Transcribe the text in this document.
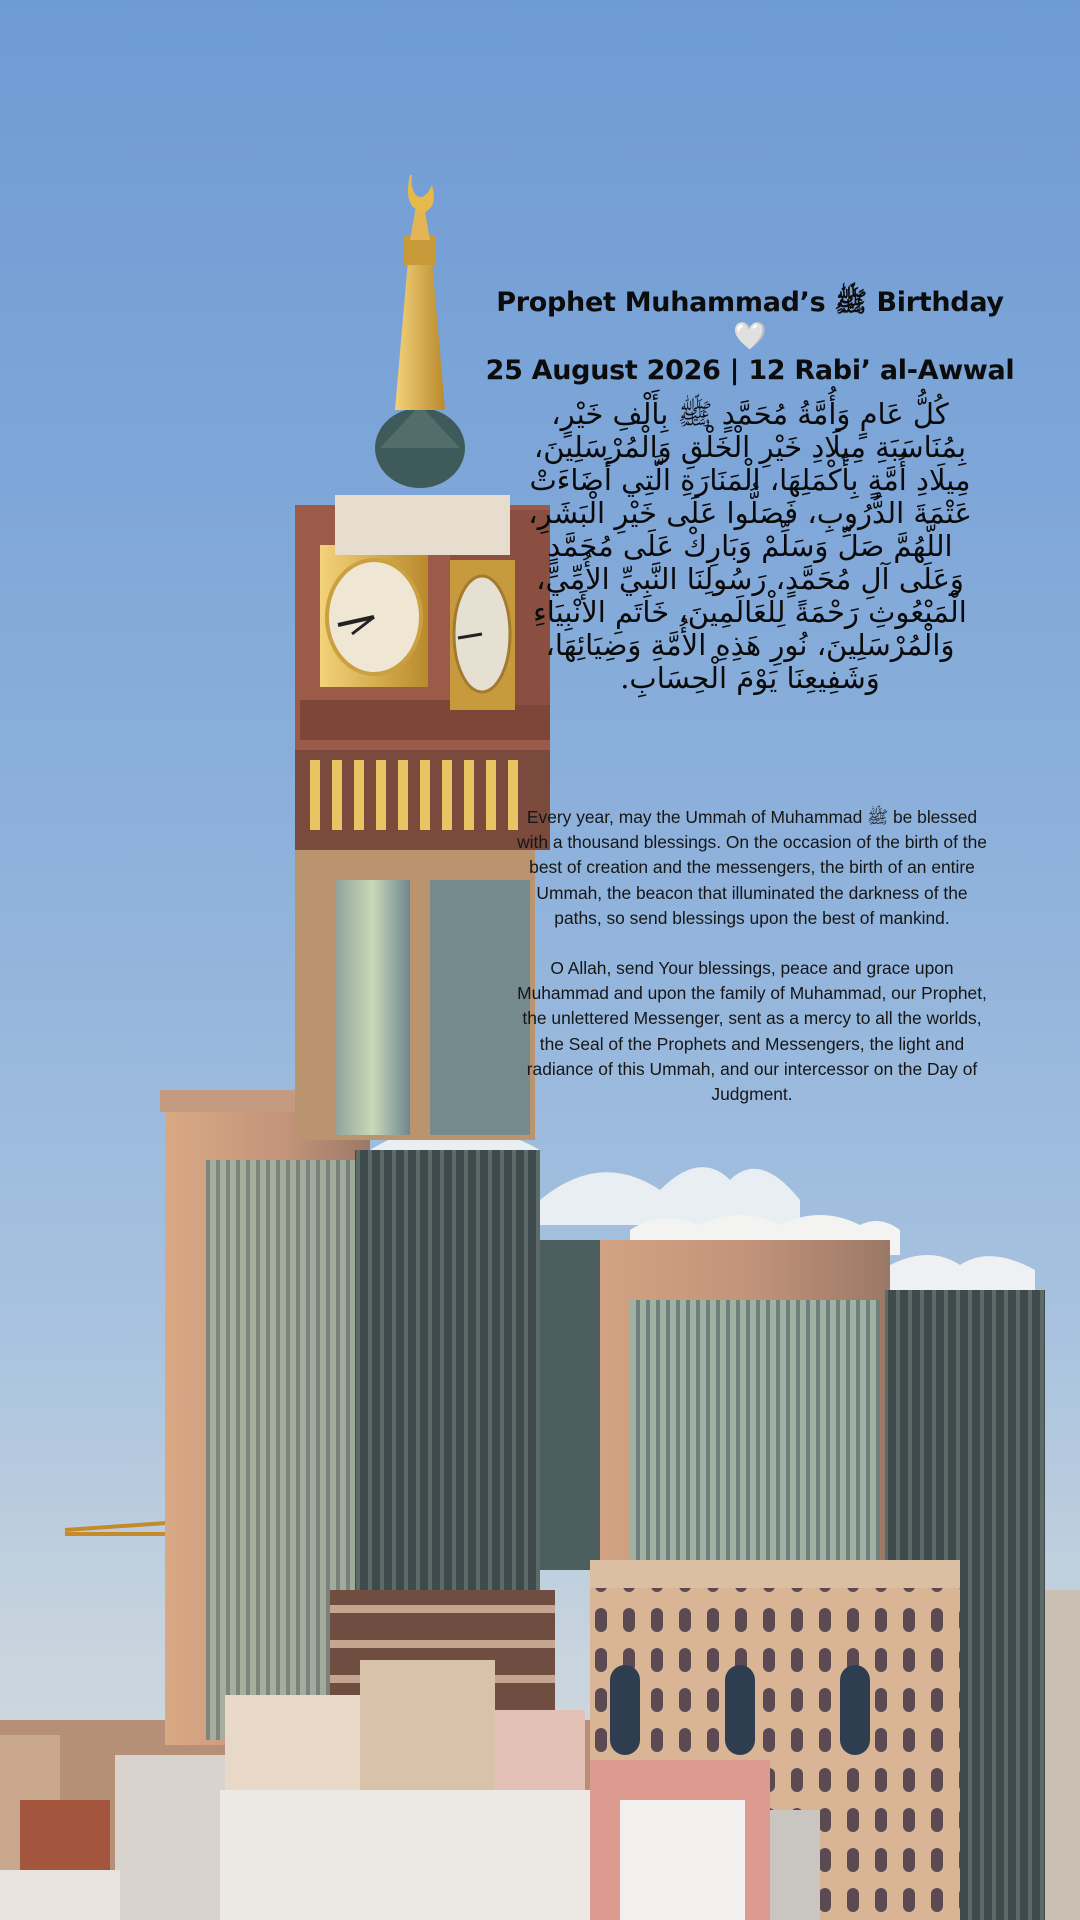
Prophet Muhammad’s ﷺ Birthday 🤍
25 August 2026 | 12 Rabi’ al-Awwal
كُلُّ عَامٍ وَأُمَّةُ مُحَمَّدٍ ﷺ بِأَلْفِ خَيْرٍ، بِمُنَاسَبَةِ مِيلَادِ خَيْرِ الْخَلْقِ وَالْمُرْسَلِينَ، مِيلَادِ أُمَّةٍ بِأَكْمَلِهَا، الْمَنَارَةِ الَّتِي أَضَاءَتْ عَتْمَةَ الدُّرُوبِ، فَصَلُّوا عَلَى خَيْرِ الْبَشَرِ، اللَّهُمَّ صَلِّ وَسَلِّمْ وَبَارِكْ عَلَى مُحَمَّدٍ وَعَلَى آلِ مُحَمَّدٍ، رَسُولِنَا النَّبِيِّ الأُمِّيِّ، الْمَبْعُوثِ رَحْمَةً لِلْعَالَمِينَ، خَاتَمِ الأَنْبِيَاءِ وَالْمُرْسَلِينَ، نُورِ هَذِهِ الأُمَّةِ وَضِيَائِهَا، وَشَفِيعِنَا يَوْمَ الْحِسَابِ.

Every year, may the Ummah of Muhammad ﷺ be blessed with a thousand blessings. On the occasion of the birth of the best of creation and the messengers, the birth of an entire Ummah, the beacon that illuminated the darkness of the paths, so send blessings upon the best of mankind.

O Allah, send Your blessings, peace and grace upon Muhammad and upon the family of Muhammad, our Prophet, the unlettered Messenger, sent as a mercy to all the worlds, the Seal of the Prophets and Messengers, the light and radiance of this Ummah, and our intercessor on the Day of Judgment.
